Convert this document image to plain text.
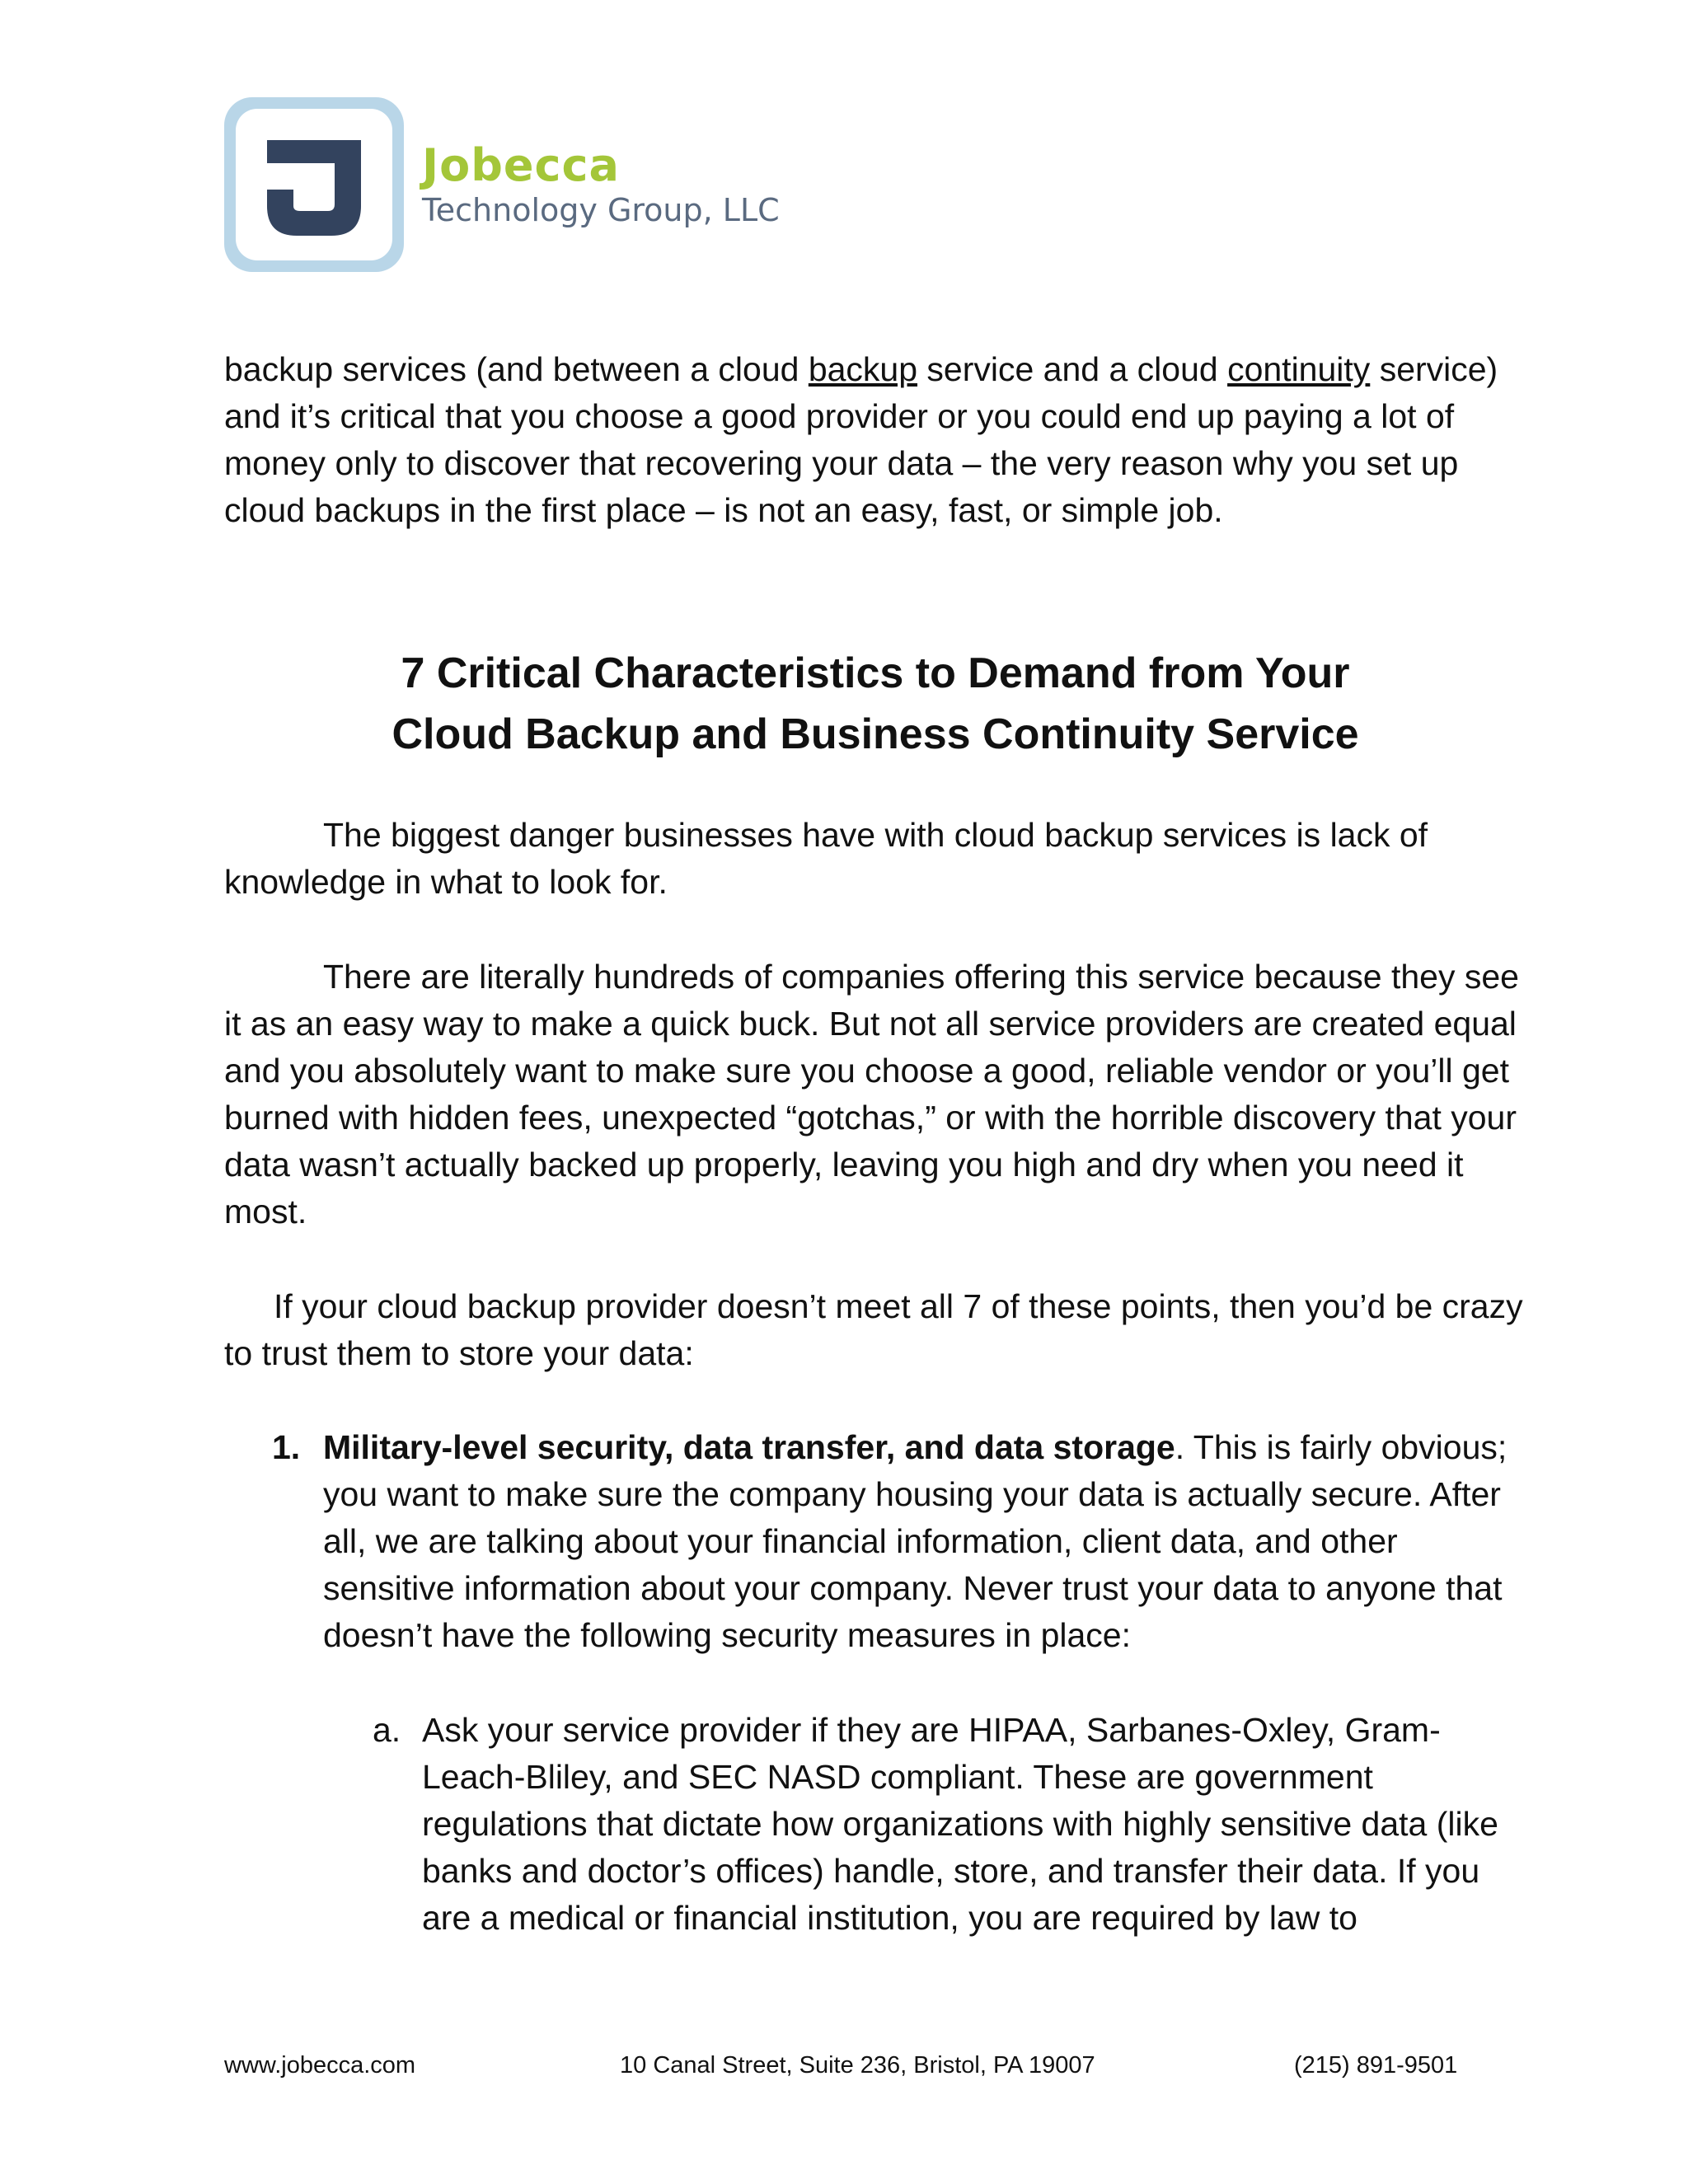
Jobecca
Technology Group, LLC
backup services (and between a cloud backup service and a cloud continuity service) and it’s critical that you choose a good provider or you could end up paying a lot of money only to discover that recovering your data – the very reason why you set up cloud backups in the first place – is not an easy, fast, or simple job.
7 Critical Characteristics to Demand from Your
Cloud Backup and Business Continuity Service
The biggest danger businesses have with cloud backup services is lack of knowledge in what to look for.
There are literally hundreds of companies offering this service because they see it as an easy way to make a quick buck. But not all service providers are created equal and you absolutely want to make sure you choose a good, reliable vendor or you’ll get burned with hidden fees, unexpected “gotchas,” or with the horrible discovery that your data wasn’t actually backed up properly, leaving you high and dry when you need it most.
If your cloud backup provider doesn’t meet all 7 of these points, then you’d be crazy to trust them to store your data:
1. Military-level security, data transfer, and data storage. This is fairly obvious; you want to make sure the company housing your data is actually secure. After all, we are talking about your financial information, client data, and other sensitive information about your company. Never trust your data to anyone that doesn’t have the following security measures in place:
a. Ask your service provider if they are HIPAA, Sarbanes-Oxley, Gram-Leach-Bliley, and SEC NASD compliant. These are government regulations that dictate how organizations with highly sensitive data (like banks and doctor’s offices) handle, store, and transfer their data. If you are a medical or financial institution, you are required by law to
www.jobecca.com	10 Canal Street, Suite 236, Bristol, PA 19007	(215) 891-9501
